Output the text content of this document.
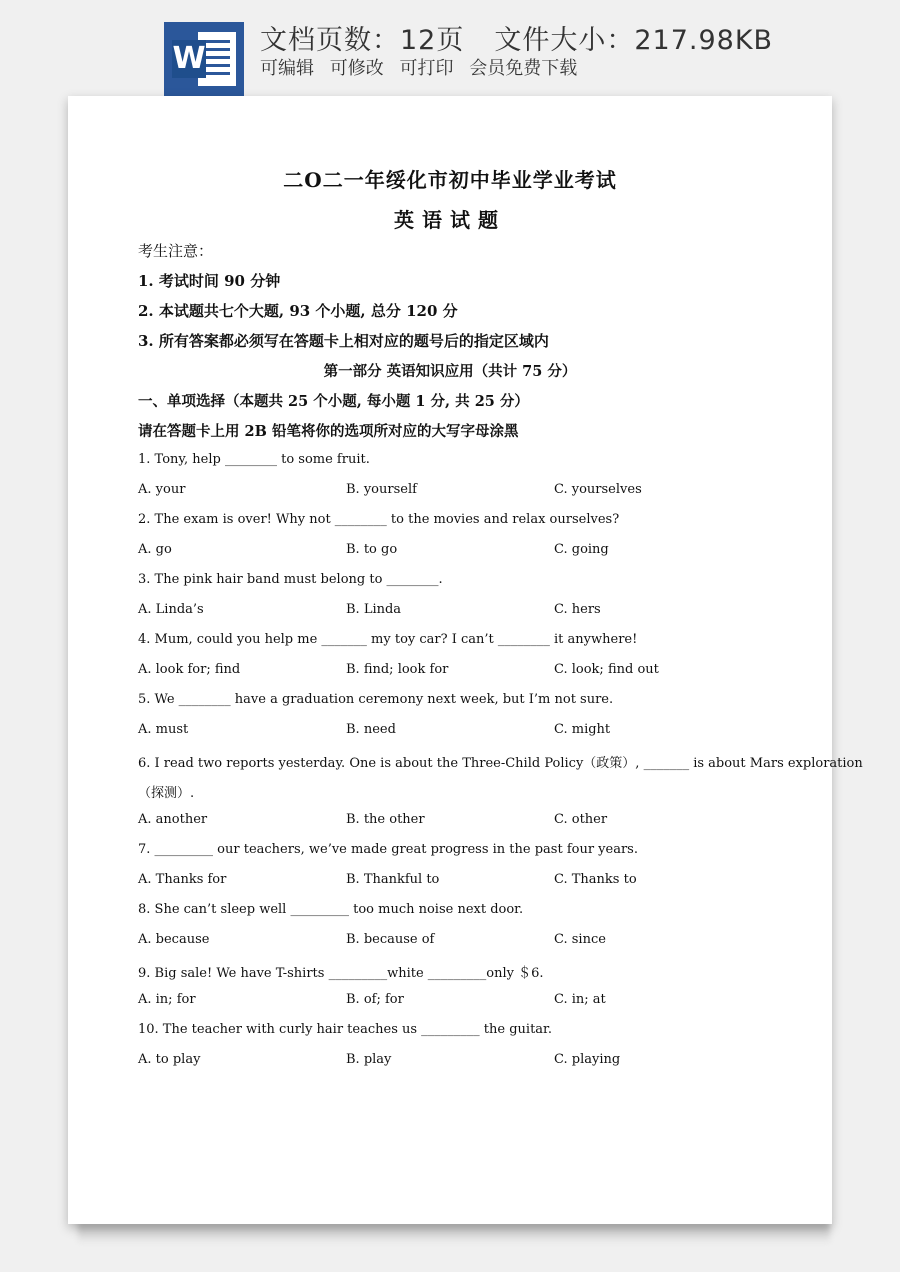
W
文档页数：12页 文件大小：217.98KB
可编辑 可修改 可打印 会员免费下载
二O二一年绥化市初中毕业学业考试
英语试题
考生注意：
1. 考试时间 90 分钟
2. 本试题共七个大题, 93 个小题, 总分 120 分
3. 所有答案都必须写在答题卡上相对应的题号后的指定区域内
第一部分 英语知识应用（共计 75 分）
一、单项选择（本题共 25 个小题, 每小题 1 分, 共 25 分）
请在答题卡上用 2B 铅笔将你的选项所对应的大写字母涂黑
1. Tony, help ________ to some fruit.
A. your	B. yourself	C. yourselves
2. The exam is over! Why not ________ to the movies and relax ourselves?
A. go	B. to go	C. going
3. The pink hair band must belong to ________.
A. Linda’s	B. Linda	C. hers
4. Mum, could you help me _______ my toy car? I can’t ________ it anywhere!
A. look for; find	B. find; look for	C. look; find out
5. We ________ have a graduation ceremony next week, but I’m not sure.
A. must	B. need	C. might
6. I read two reports yesterday. One is about the Three-Child Policy（政策）, _______ is about Mars exploration
（探测）.
A. another	B. the other	C. other
7. _________ our teachers, we’ve made great progress in the past four years.
A. Thanks for	B. Thankful to	C. Thanks to
8. She can’t sleep well _________ too much noise next door.
A. because	B. because of	C. since
9. Big sale! We have T-shirts _________white _________only ＄6.
A. in; for	B. of; for	C. in; at
10. The teacher with curly hair teaches us _________ the guitar.
A. to play	B. play	C. playing
